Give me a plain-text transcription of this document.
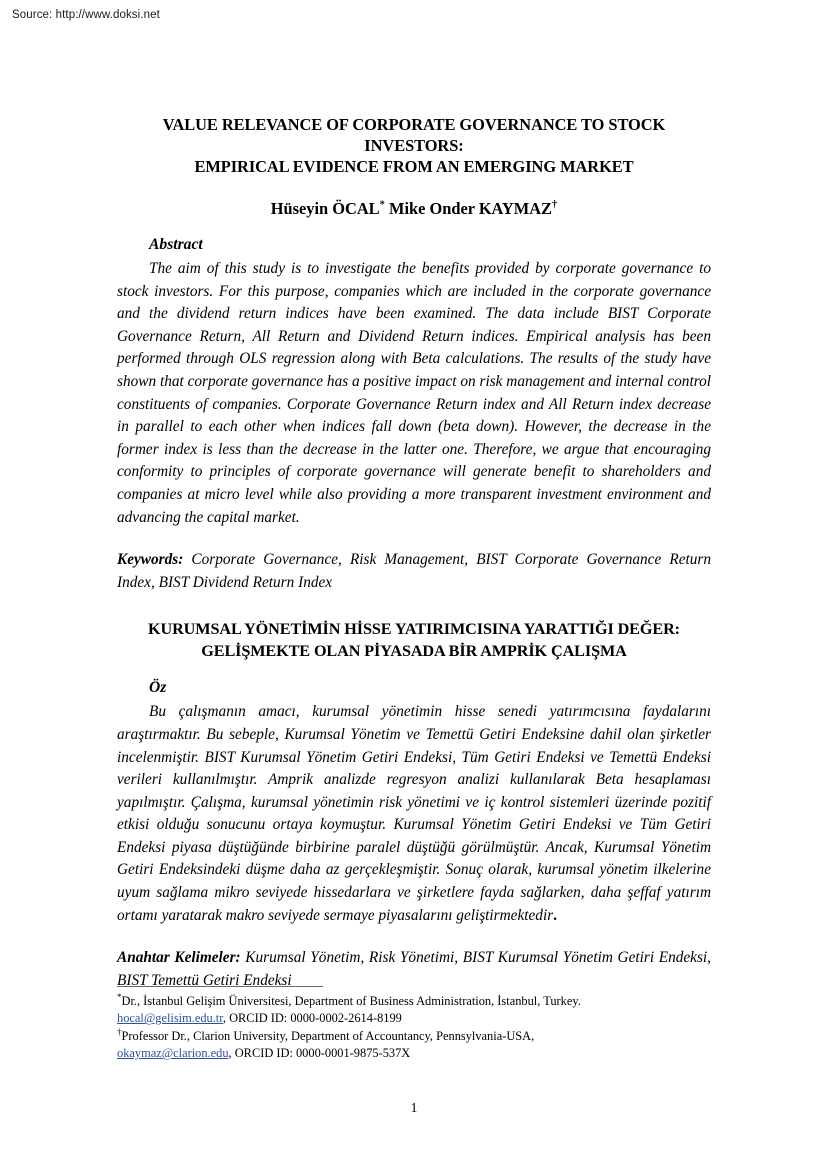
Source: http://www.doksi.net
VALUE RELEVANCE OF CORPORATE GOVERNANCE TO STOCK
INVESTORS:
EMPIRICAL EVIDENCE FROM AN EMERGING MARKET
Hüseyin ÖCAL* Mike Onder KAYMAZ†
Abstract
The aim of this study is to investigate the benefits provided by corporate governance to stock investors. For this purpose, companies which are included in the corporate governance and the dividend return indices have been examined. The data include BIST Corporate Governance Return, All Return and Dividend Return indices. Empirical analysis has been performed through OLS regression along with Beta calculations. The results of the study have shown that corporate governance has a positive impact on risk management and internal control constituents of companies. Corporate Governance Return index and All Return index decrease in parallel to each other when indices fall down (beta down). However, the decrease in the former index is less than the decrease in the latter one. Therefore, we argue that encouraging conformity to principles of corporate governance will generate benefit to shareholders and companies at micro level while also providing a more transparent investment environment and advancing the capital market.
Keywords: Corporate Governance, Risk Management, BIST Corporate Governance Return Index, BIST Dividend Return Index
KURUMSAL YÖNETİMİN HİSSE YATIRIMCISINA YARATTIĞI DEĞER:
GELİŞMEKTE OLAN PİYASADA BİR AMPRİK ÇALIŞMA
Öz
Bu çalışmanın amacı, kurumsal yönetimin hisse senedi yatırımcısına faydalarını araştırmaktır. Bu sebeple, Kurumsal Yönetim ve Temettü Getiri Endeksine dahil olan şirketler incelenmiştir. BIST Kurumsal Yönetim Getiri Endeksi, Tüm Getiri Endeksi ve Temettü Endeksi verileri kullanılmıştır. Amprik analizde regresyon analizi kullanılarak Beta hesaplaması yapılmıştır. Çalışma, kurumsal yönetimin risk yönetimi ve iç kontrol sistemleri üzerinde pozitif etkisi olduğu sonucunu ortaya koymuştur. Kurumsal Yönetim Getiri Endeksi ve Tüm Getiri Endeksi piyasa düştüğünde birbirine paralel düştüğü görülmüştür. Ancak, Kurumsal Yönetim Getiri Endeksindeki düşme daha az gerçekleşmiştir. Sonuç olarak, kurumsal yönetim ilkelerine uyum sağlama mikro seviyede hissedarlara ve şirketlere fayda sağlarken, daha şeffaf yatırım ortamı yaratarak makro seviyede sermaye piyasalarını geliştirmektedir.
Anahtar Kelimeler: Kurumsal Yönetim, Risk Yönetimi, BIST Kurumsal Yönetim Getiri Endeksi, BIST Temettü Getiri Endeksi
*Dr., İstanbul Gelişim Üniversitesi, Department of Business Administration, İstanbul, Turkey.
hocal@gelisim.edu.tr, ORCID ID: 0000-0002-2614-8199
†Professor Dr., Clarion University, Department of Accountancy, Pennsylvania-USA,
okaymaz@clarion.edu, ORCID ID: 0000-0001-9875-537X
1
